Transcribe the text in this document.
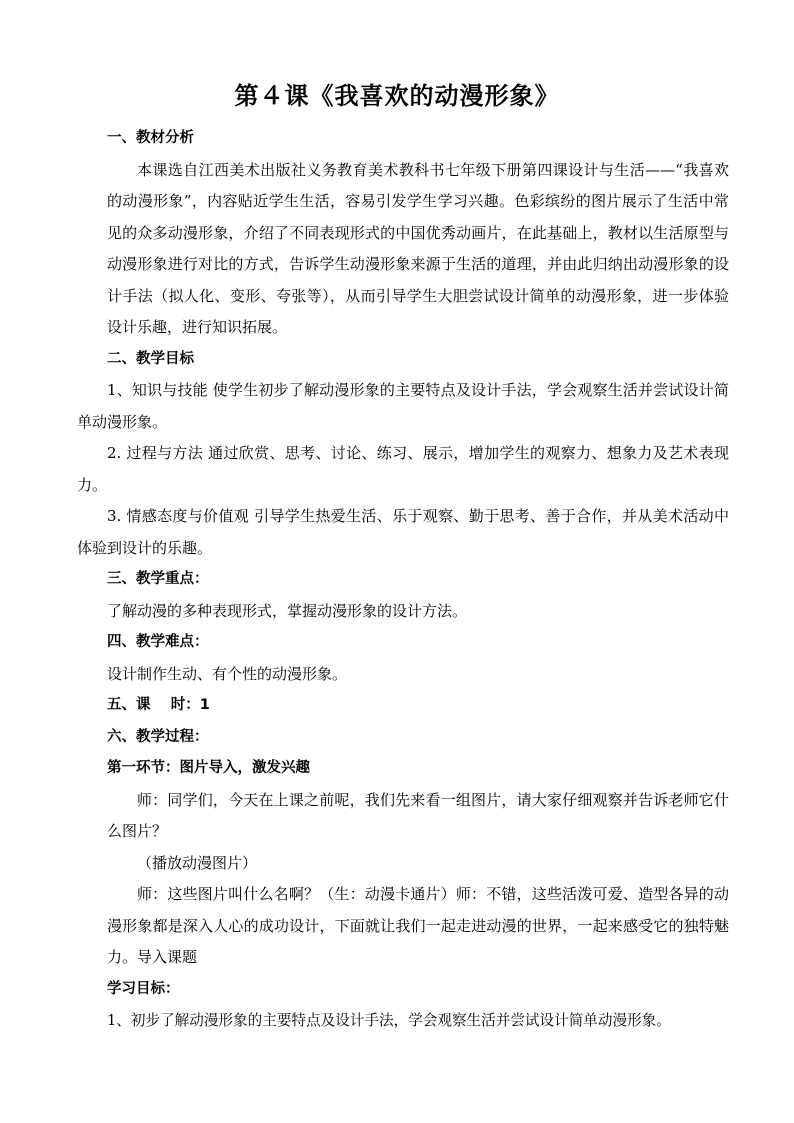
第４课《我喜欢的动漫形象》

一、教材分析

本课选自江西美术出版社义务教育美术教科书七年级下册第四课设计与生活——“我喜欢的动漫形象”，内容贴近学生生活，容易引发学生学习兴趣。色彩缤纷的图片展示了生活中常见的众多动漫形象，介绍了不同表现形式的中国优秀动画片，在此基础上，教材以生活原型与动漫形象进行对比的方式，告诉学生动漫形象来源于生活的道理，并由此归纳出动漫形象的设计手法（拟人化、变形、夸张等），从而引导学生大胆尝试设计简单的动漫形象，进一步体验设计乐趣，进行知识拓展。

二、教学目标

1、知识与技能 使学生初步了解动漫形象的主要特点及设计手法，学会观察生活并尝试设计简单动漫形象。

2. 过程与方法 通过欣赏、思考、讨论、练习、展示，增加学生的观察力、想象力及艺术表现力。

3. 情感态度与价值观 引导学生热爱生活、乐于观察、勤于思考、善于合作，并从美术活动中体验到设计的乐趣。

三、教学重点：

了解动漫的多种表现形式，掌握动漫形象的设计方法。

四、教学难点：

设计制作生动、有个性的动漫形象。

五、课    时：1

六、教学过程：

第一环节：图片导入，激发兴趣

师：同学们，今天在上课之前呢，我们先来看一组图片，请大家仔细观察并告诉老师它什么图片？

（播放动漫图片）

师：这些图片叫什么名啊？（生：动漫卡通片）师：不错，这些活泼可爱、造型各异的动漫形象都是深入人心的成功设计，下面就让我们一起走进动漫的世界，一起来感受它的独特魅力。导入课题

学习目标：

1、初步了解动漫形象的主要特点及设计手法，学会观察生活并尝试设计简单动漫形象。
